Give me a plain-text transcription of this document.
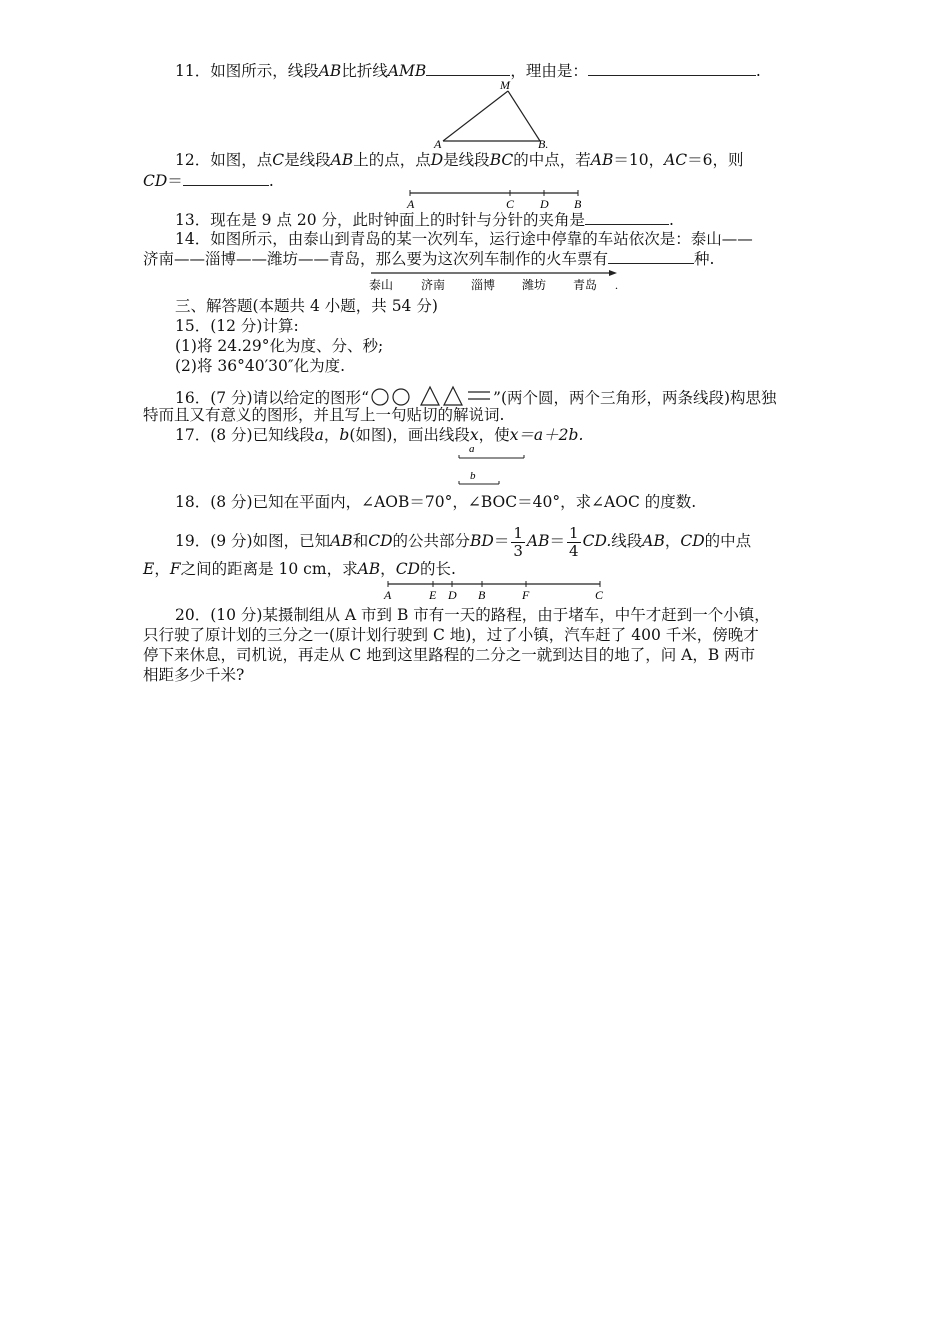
11．如图所示，线段AB比折线AMB	，理由是：	.
M
A	B.
12．如图，点C是线段AB上的点，点D是线段BC的中点，若AB＝10，AC＝6，则
CD＝	.
A	C D B
13．现在是 9 点 20 分，此时钟面上的时针与分针的夹角是	.
14．如图所示，由泰山到青岛的某一次列车，运行途中停靠的车站依次是：泰山——
济南——淄博——潍坊——青岛，那么要为这次列车制作的火车票有	种.
泰山 济南 淄博 潍坊 青岛 .
三、解答题(本题共 4 小题，共 54 分)
15．(12 分)计算:
(1)将 24.29°化为度、分、秒;
(2)将 36°40′30″化为度.
16．(7 分)请以给定的图形“	”(两个圆，两个三角形，两条线段)构思独
特而且又有意义的图形，并且写上一句贴切的解说词.
17．(8 分)已知线段a，b(如图)，画出线段x，使x＝a＋2b.
a
b
18．(8 分)已知在平面内，∠AOB＝70°，∠BOC＝40°，求∠AOC 的度数.
19．(9 分)如图，已知AB和CD的公共部分$BD= \frac{1}{3} AB= \frac{1}{4}$ CD.线段AB，CD的中点
E，F之间的距离是 10 cm，求AB，CD的长.
A	E D B	F	C
20．(10 分)某摄制组从 A 市到 B 市有一天的路程，由于堵车，中午才赶到一个小镇，
只行驶了原计划的三分之一(原计划行驶到 C 地)，过了小镇，汽车赶了 400 千米，傍晚才
停下来休息，司机说，再走从 C 地到这里路程的二分之一就到达目的地了，问 A，B 两市
相距多少千米?
